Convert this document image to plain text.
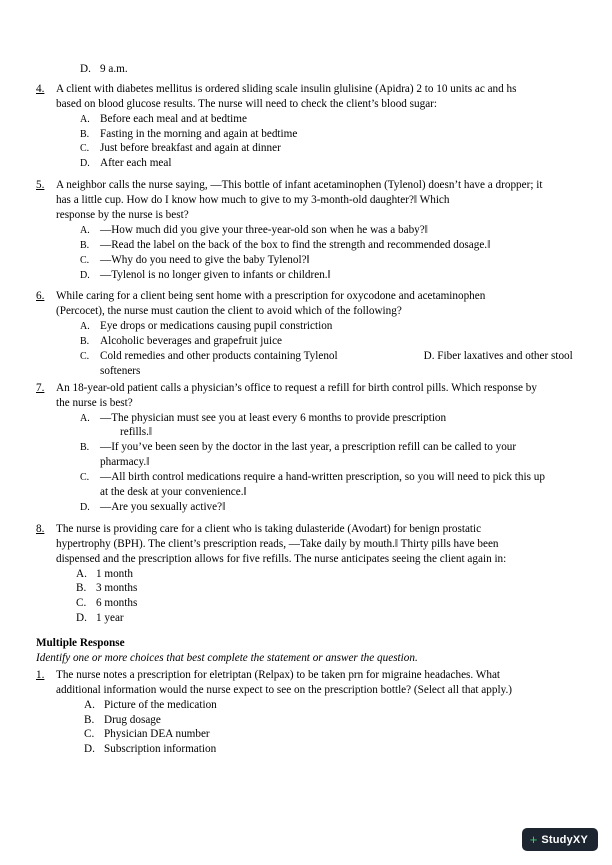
D. 9 a.m.
4.	A client with diabetes mellitus is ordered sliding scale insulin glulisine (Apidra) 2 to 10 units ac and hs

based on blood glucose results. The nurse will need to check the client’s blood sugar:

A. Before each meal and at bedtime
B. Fasting in the morning and again at bedtime
C. Just before breakfast and again at dinner
D. After each meal
5.	A neighbor calls the nurse saying, ―This bottle of infant acetaminophen (Tylenol) doesn’t have a dropper; it

has a little cup. How do I know how much to give to my 3-month-old daughter?‖ Which

response by the nurse is best?

A. ―How much did you give your three-year-old son when he was a baby?‖
B. ―Read the label on the back of the box to find the strength and recommended dosage.‖
C. ―Why do you need to give the baby Tylenol?‖
D. ―Tylenol is no longer given to infants or children.‖
6.	While caring for a client being sent home with a prescription for oxycodone and acetaminophen

(Percocet), the nurse must caution the client to avoid which of the following?

A. Eye drops or medications causing pupil constriction
B. Alcoholic beverages and grapefruit juice
C. Cold remedies and other products containing Tylenol	D. Fiber laxatives and other stool
softeners
7.	An 18-year-old patient calls a physician’s office to request a refill for birth control pills. Which response by

the nurse is best?

A. ―The physician must see you at least every 6 months to provide prescription
refills.‖
B. ―If you’ve been seen by the doctor in the last year, a prescription refill can be called to your
pharmacy.‖
C. ―All birth control medications require a hand-written prescription, so you will need to pick this up
at the desk at your convenience.‖
D. ―Are you sexually active?‖
8.	The nurse is providing care for a client who is taking dulasteride (Avodart) for benign prostatic

hypertrophy (BPH). The client’s prescription reads, ―Take daily by mouth.‖ Thirty pills have been

dispensed and the prescription allows for five refills. The nurse anticipates seeing the client again in:

A. 1 month
B. 3 months
C. 6 months
D. 1 year
Multiple Response
Identify one or more choices that best complete the statement or answer the question.
1.	The nurse notes a prescription for eletriptan (Relpax) to be taken prn for migraine headaches. What

additional information would the nurse expect to see on the prescription bottle? (Select all that apply.)

A. Picture of the medication
B. Drug dosage
C. Physician DEA number
D. Subscription information
+ StudyXY
